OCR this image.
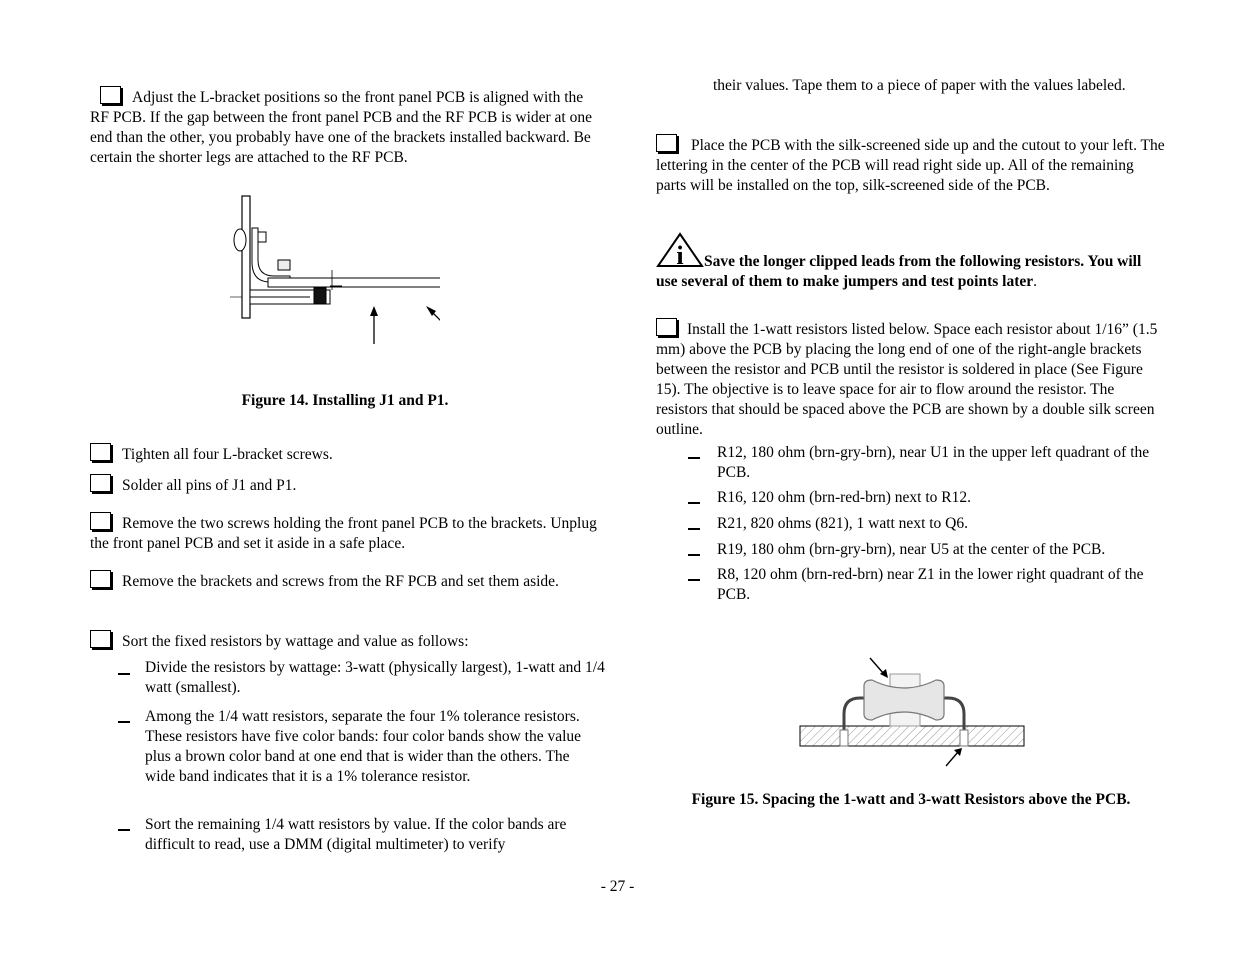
Adjust the L-bracket positions so the front panel PCB is aligned with the RF PCB. If the gap between the front panel PCB and the RF PCB is wider at one end than the other, you probably have one of the brackets installed backward. Be certain the shorter legs are attached to the RF PCB.
Figure 14. Installing J1 and P1.
Tighten all four L-bracket screws.
Solder all pins of J1 and P1.
Remove the two screws holding the front panel PCB to the brackets. Unplug the front panel PCB and set it aside in a safe place.
Remove the brackets and screws from the RF PCB and set them aside.
Sort the fixed resistors by wattage and value as follows:
Divide the resistors by wattage: 3-watt (physically largest), 1-watt and 1/4 watt (smallest).
Among the 1/4 watt resistors, separate the four 1% tolerance resistors. These resistors have five color bands: four color bands show the value plus a brown color band at one end that is wider than the others. The wide band indicates that it is a 1% tolerance resistor.
Sort the remaining 1/4 watt resistors by value. If the color bands are difficult to read, use a DMM (digital multimeter) to verify
their values. Tape them to a piece of paper with the values labeled.
Place the PCB with the silk-screened side up and the cutout to your left. The lettering in the center of the PCB will read right side up. All of the remaining parts will be installed on the top, silk-screened side of the PCB.
i Save the longer clipped leads from the following resistors. You will use several of them to make jumpers and test points later.
Install the 1-watt resistors listed below. Space each resistor about 1/16” (1.5 mm) above the PCB by placing the long end of one of the right-angle brackets between the resistor and PCB until the resistor is soldered in place (See Figure 15). The objective is to leave space for air to flow around the resistor. The resistors that should be spaced above the PCB are shown by a double silk screen outline.
R12, 180 ohm (brn-gry-brn), near U1 in the upper left quadrant of the PCB.
R16, 120 ohm (brn-red-brn) next to R12.
R21, 820 ohms (821), 1 watt next to Q6.
R19, 180 ohm (brn-gry-brn), near U5 at the center of the PCB.
R8, 120 ohm (brn-red-brn) near Z1 in the lower right quadrant of the PCB.
Figure 15. Spacing the 1-watt and 3-watt Resistors above the PCB.
- 27 -
